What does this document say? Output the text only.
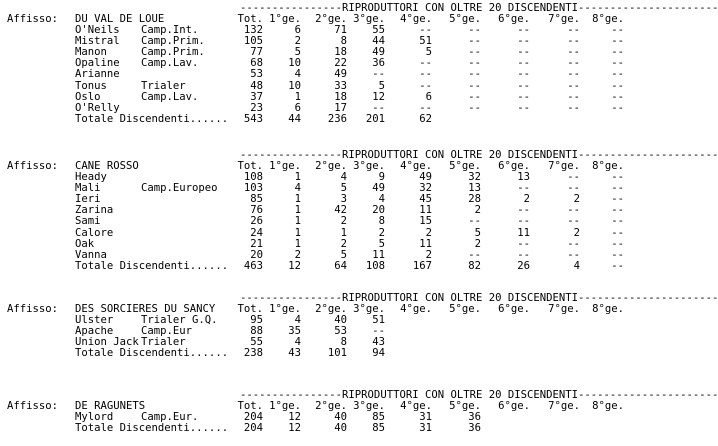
----------------RIPRODUTTORI CON OLTRE 20 DISCENDENTI----------------------
Affisso: DU VAL DE LOUE	Tot. 1°ge.	2°ge. 3°ge.	4°ge.	5°ge.	6°ge.	7°ge.	8°ge.
O'Neils Camp.Int.	132	6	71	55	--	--	--	--	--
Mistral Camp.Prim.	105	2	8	44	51	--	--	--	--
Manon	Camp.Prim.	77	5	18	49	5	--	--	--	--
Opaline Camp.Lav.	68	10	22	36	--	--	--	--	--
Arianne	53	4	49	--	--	--	--	--	--
Tonus	Trialer	48	10	33	5	--	--	--	--	--
Oslo	Camp.Lav.	37	1	18	12	6	--	--	--	--
O'Relly	23	6	17	--	--	--	--	--	--
Totale Discendenti......	543	44	236	201	62
----------------RIPRODUTTORI CON OLTRE 20 DISCENDENTI----------------------
Affisso: CANE ROSSO	Tot. 1°ge.	2°ge. 3°ge.	4°ge.	5°ge.	6°ge.	7°ge.	8°ge.
Heady	108	1	4	9	49	32	13	--	--
Mali	Camp.Europeo	103	4	5	49	32	13	--	--	--
Ieri	85	1	3	4	45	28	2	2	--
Zarina	76	1	42	20	11	2	--	--	--
Sami	26	1	2	8	15	--	--	--	--
Calore	24	1	1	2	2	5	11	2	--
Oak	21	1	2	5	11	2	--	--	--
Vanna	20	2	5	11	2	--	--	--	--
Totale Discendenti......	463	12	64	108	167	82	26	4	--
----------------RIPRODUTTORI CON OLTRE 20 DISCENDENTI----------------------
Affisso: DES SORCIERES DU SANCY	Tot. 1°ge.	2°ge. 3°ge.	4°ge.	5°ge.	6°ge.	7°ge.	8°ge.
Ulster	Trialer G.Q.	95	4	40	51
Apache	Camp.Eur	88	35	53	--
Union Jack Trialer	55	4	8	43
Totale Discendenti......	238	43	101	94
----------------RIPRODUTTORI CON OLTRE 20 DISCENDENTI----------------------
Affisso: DE RAGUNETS	Tot. 1°ge.	2°ge. 3°ge.	4°ge.	5°ge.	6°ge.	7°ge.	8°ge.
Mylord	Camp.Eur.	204	12	40	85	31	36
Totale Discendenti......	204	12	40	85	31	36
